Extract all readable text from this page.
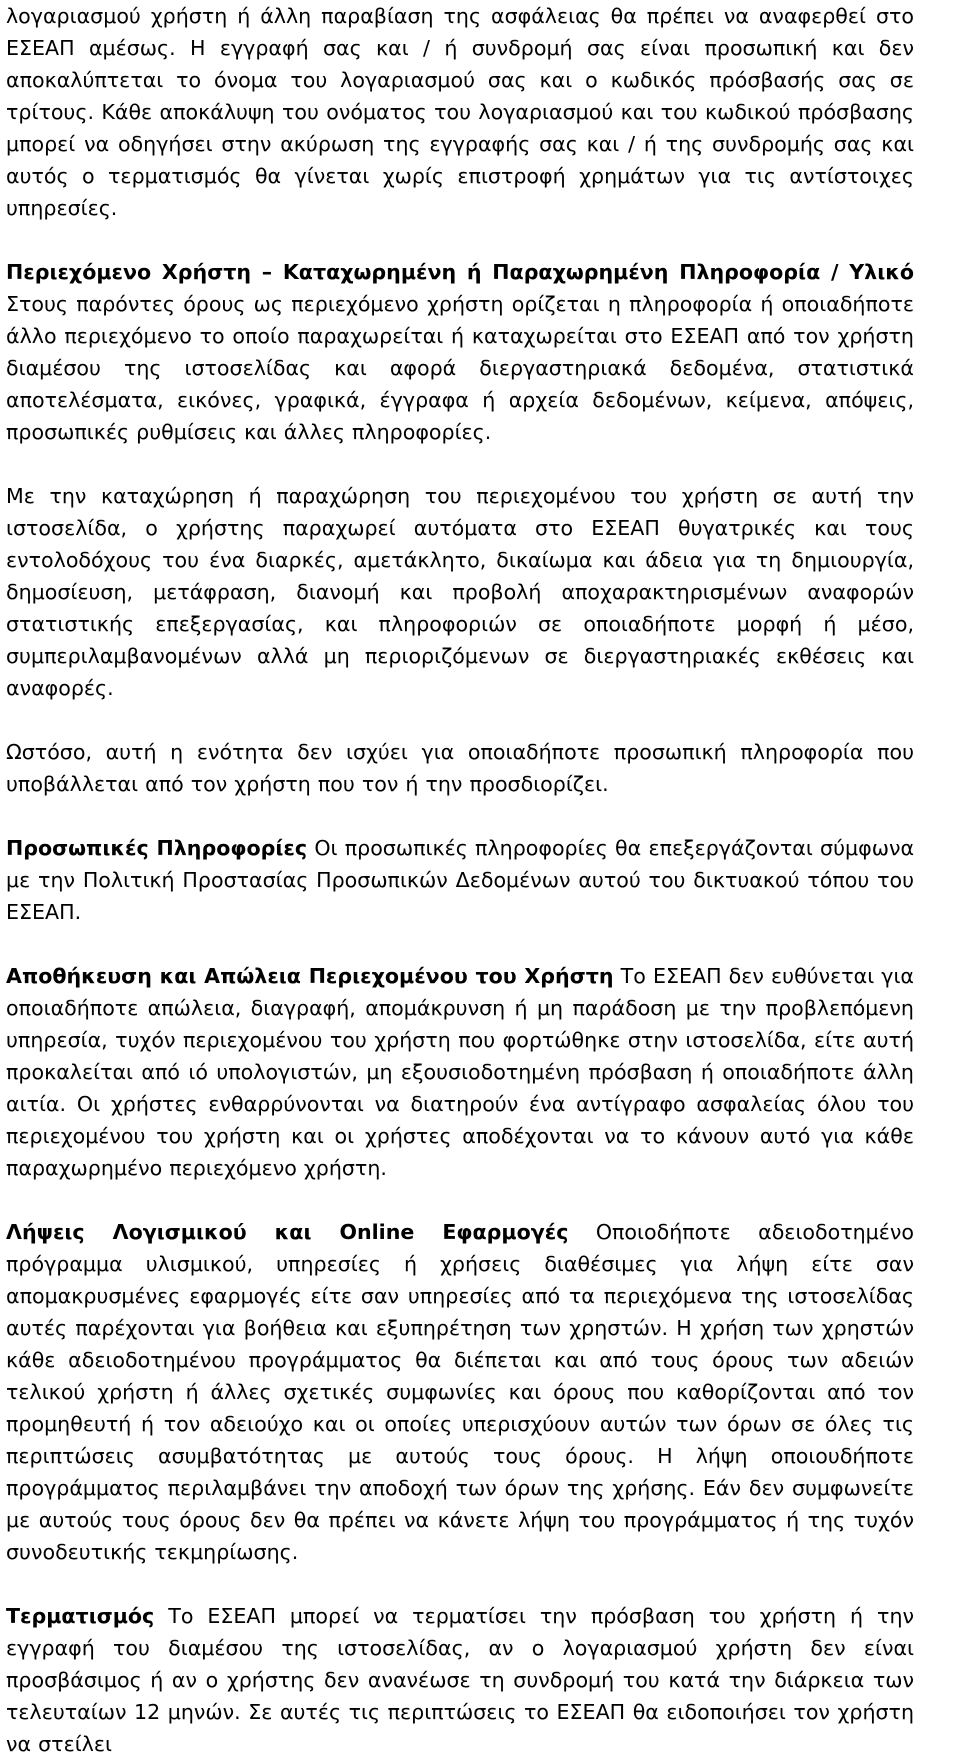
λογαριασμού χρήστη ή άλλη παραβίαση της ασφάλειας θα πρέπει να αναφερθεί στο ΕΣΕΑΠ αμέσως. Η εγγραφή σας και / ή συνδρομή σας είναι προσωπική και δεν αποκαλύπτεται το όνομα του λογαριασμού σας και ο κωδικός πρόσβασής σας σε τρίτους. Κάθε αποκάλυψη του ονόματος του λογαριασμού και του κωδικού πρόσβασης μπορεί να οδηγήσει στην ακύρωση της εγγραφής σας και / ή της συνδρομής σας και αυτός ο τερματισμός θα γίνεται χωρίς επιστροφή χρημάτων για τις αντίστοιχες υπηρεσίες.

Περιεχόμενο Χρήστη – Καταχωρημένη ή Παραχωρημένη Πληροφορία / Υλικό Στους παρόντες όρους ως περιεχόμενο χρήστη ορίζεται η πληροφορία ή οποιαδήποτε άλλο περιεχόμενο το οποίο παραχωρείται ή καταχωρείται στο ΕΣΕΑΠ από τον χρήστη διαμέσου της ιστοσελίδας και αφορά διεργαστηριακά δεδομένα, στατιστικά αποτελέσματα, εικόνες, γραφικά, έγγραφα ή αρχεία δεδομένων, κείμενα, απόψεις, προσωπικές ρυθμίσεις και άλλες πληροφορίες.

Με την καταχώρηση ή παραχώρηση του περιεχομένου του χρήστη σε αυτή την ιστοσελίδα, ο χρήστης παραχωρεί αυτόματα στο ΕΣΕΑΠ θυγατρικές και τους εντολοδόχους του ένα διαρκές, αμετάκλητο, δικαίωμα και άδεια για τη δημιουργία, δημοσίευση, μετάφραση, διανομή και προβολή αποχαρακτηρισμένων αναφορών στατιστικής επεξεργασίας, και πληροφοριών σε οποιαδήποτε μορφή ή μέσο, συμπεριλαμβανομένων αλλά μη περιοριζόμενων σε διεργαστηριακές εκθέσεις και αναφορές.

Ωστόσο, αυτή η ενότητα δεν ισχύει για οποιαδήποτε προσωπική πληροφορία που υποβάλλεται από τον χρήστη που τον ή την προσδιορίζει.

Προσωπικές Πληροφορίες Οι προσωπικές πληροφορίες θα επεξεργάζονται σύμφωνα με την Πολιτική Προστασίας Προσωπικών Δεδομένων αυτού του δικτυακού τόπου του ΕΣΕΑΠ.

Αποθήκευση και Απώλεια Περιεχομένου του Χρήστη Το ΕΣΕΑΠ δεν ευθύνεται για οποιαδήποτε απώλεια, διαγραφή, απομάκρυνση ή μη παράδοση με την προβλεπόμενη υπηρεσία, τυχόν περιεχομένου του χρήστη που φορτώθηκε στην ιστοσελίδα, είτε αυτή προκαλείται από ιό υπολογιστών, μη εξουσιοδοτημένη πρόσβαση ή οποιαδήποτε άλλη αιτία. Οι χρήστες ενθαρρύνονται να διατηρούν ένα αντίγραφο ασφαλείας όλου του περιεχομένου του χρήστη και οι χρήστες αποδέχονται να το κάνουν αυτό για κάθε παραχωρημένο περιεχόμενο χρήστη.

Λήψεις Λογισμικού και Online Εφαρμογές Οποιοδήποτε αδειοδοτημένο πρόγραμμα υλισμικού, υπηρεσίες ή χρήσεις διαθέσιμες για λήψη είτε σαν απομακρυσμένες εφαρμογές είτε σαν υπηρεσίες από τα περιεχόμενα της ιστοσελίδας αυτές παρέχονται για βοήθεια και εξυπηρέτηση των χρηστών. Η χρήση των χρηστών κάθε αδειοδοτημένου προγράμματος θα διέπεται και από τους όρους των αδειών τελικού χρήστη ή άλλες σχετικές συμφωνίες και όρους που καθορίζονται από τον προμηθευτή ή τον αδειούχο και οι οποίες υπερισχύουν αυτών των όρων σε όλες τις περιπτώσεις ασυμβατότητας με αυτούς τους όρους. Η λήψη οποιουδήποτε προγράμματος περιλαμβάνει την αποδοχή των όρων της χρήσης. Εάν δεν συμφωνείτε με αυτούς τους όρους δεν θα πρέπει να κάνετε λήψη του προγράμματος ή της τυχόν συνοδευτικής τεκμηρίωσης.

Τερματισμός Το ΕΣΕΑΠ μπορεί να τερματίσει την πρόσβαση του χρήστη ή την εγγραφή του διαμέσου της ιστοσελίδας, αν ο λογαριασμού χρήστη δεν είναι προσβάσιμος ή αν ο χρήστης δεν ανανέωσε τη συνδρομή του κατά την διάρκεια των τελευταίων 12 μηνών. Σε αυτές τις περιπτώσεις το ΕΣΕΑΠ θα ειδοποιήσει τον χρήστη να στείλει
